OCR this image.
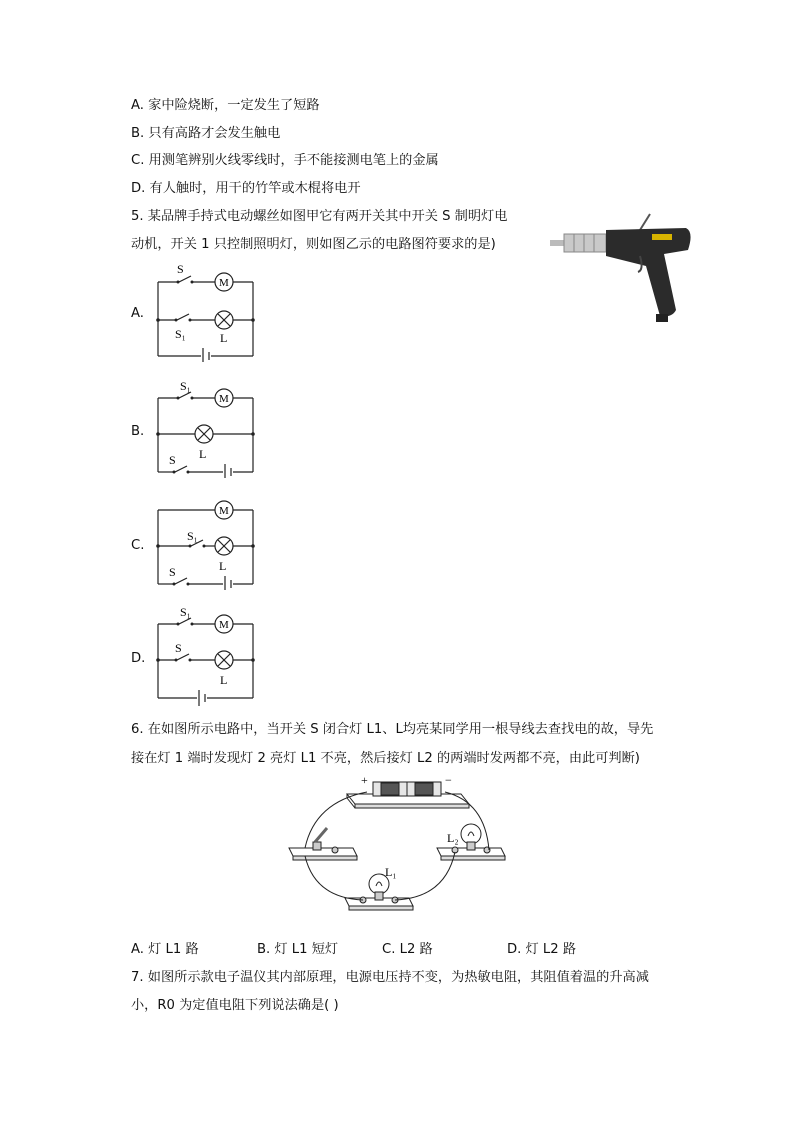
A. 家中险烧断，一定发生了短路
B. 只有高路才会发生触电
C. 用测笔辨别火线零线时，手不能接测电笔上的金属
D. 有人触时，用干的竹竿或木棍将电开
5. 某品牌手持式电动螺丝如图甲它有两开关其中开关 S 制明灯电
动机，开关 1 只控制照明灯，则如图乙示的电路图符要求的是)
A.
S
M
S₁	L
B.
S₁
M
L
S
C.
M
S₁
L
S
D.
S₁
M
S
L
6. 在如图所示电路中，当开关 S 闭合灯 L1、L均亮某同学用一根导线去查找电的故，导先
接在灯 1 端时发现灯 2 亮灯 L1 不亮，然后接灯 L2 的两端时发两都不亮，由此可判断)
+	−
L₂
L₁
A. 灯 L1 路	B. 灯 L1 短灯	C. L2 路	D. 灯 L2 路
7. 如图所示款电子温仪其内部原理，电源电压持不变，为热敏电阻，其阻值着温的升高减
小，R0 为定值电阻下列说法确是( )
